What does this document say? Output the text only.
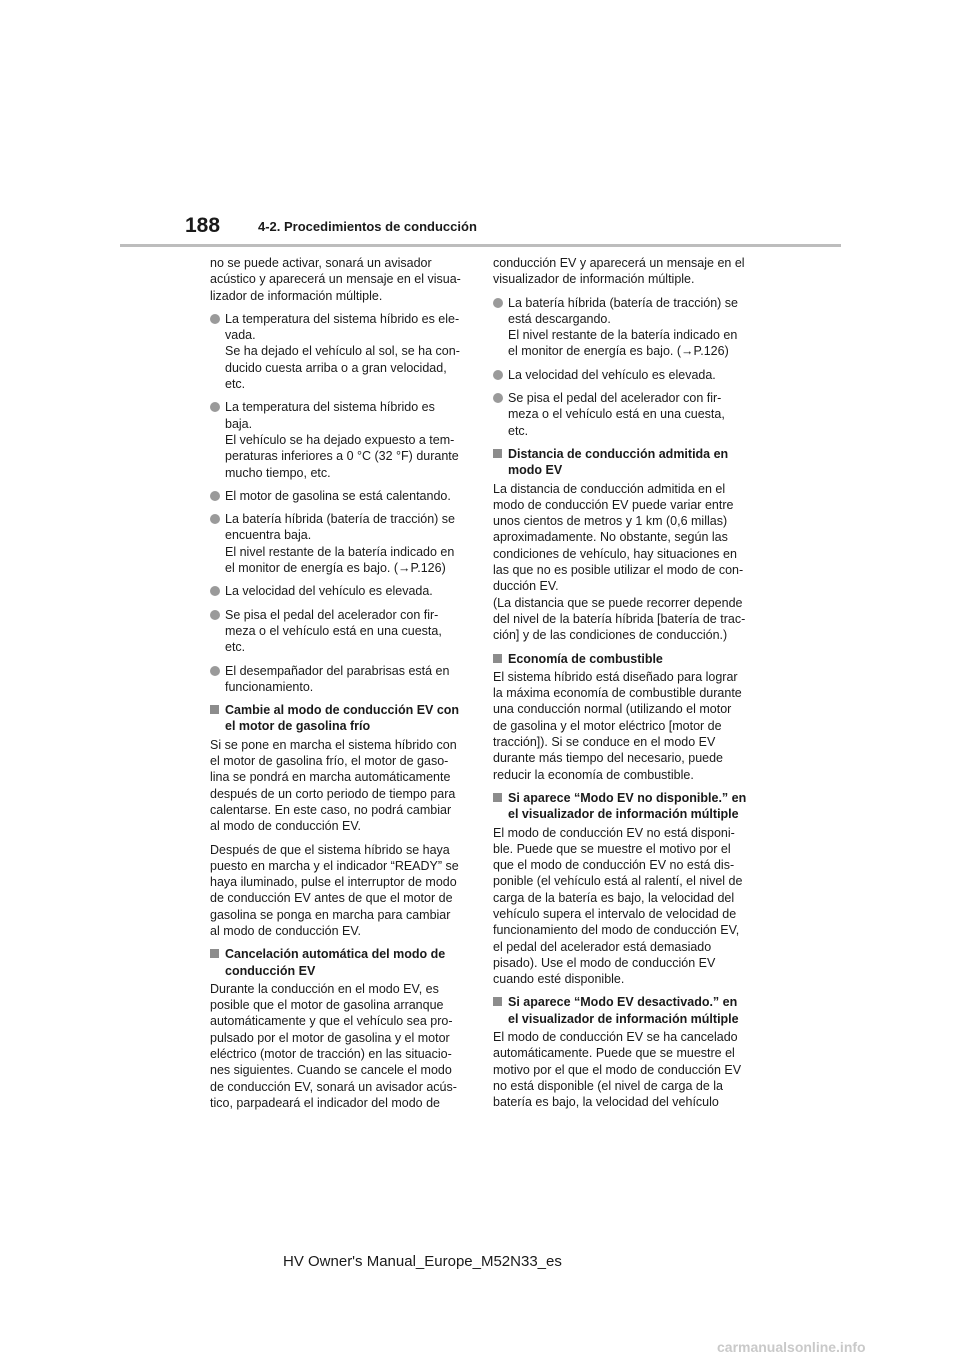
188	4-2. Procedimientos de conducción
no se puede activar, sonará un avisador
acústico y aparecerá un mensaje en el visua-
lizador de información múltiple.
La temperatura del sistema híbrido es ele-
vada.
Se ha dejado el vehículo al sol, se ha con-
ducido cuesta arriba o a gran velocidad,
etc.
La temperatura del sistema híbrido es
baja.
El vehículo se ha dejado expuesto a tem-
peraturas inferiores a 0 °C (32 °F) durante
mucho tiempo, etc.
El motor de gasolina se está calentando.
La batería híbrida (batería de tracción) se
encuentra baja.
El nivel restante de la batería indicado en
el monitor de energía es bajo. (→P.126)
La velocidad del vehículo es elevada.
Se pisa el pedal del acelerador con fir-
meza o el vehículo está en una cuesta,
etc.
El desempañador del parabrisas está en
funcionamiento.
Cambie al modo de conducción EV con
el motor de gasolina frío
Si se pone en marcha el sistema híbrido con
el motor de gasolina frío, el motor de gaso-
lina se pondrá en marcha automáticamente
después de un corto periodo de tiempo para
calentarse. En este caso, no podrá cambiar
al modo de conducción EV.
Después de que el sistema híbrido se haya
puesto en marcha y el indicador “READY” se
haya iluminado, pulse el interruptor de modo
de conducción EV antes de que el motor de
gasolina se ponga en marcha para cambiar
al modo de conducción EV.
Cancelación automática del modo de
conducción EV
Durante la conducción en el modo EV, es
posible que el motor de gasolina arranque
automáticamente y que el vehículo sea pro-
pulsado por el motor de gasolina y el motor
eléctrico (motor de tracción) en las situacio-
nes siguientes. Cuando se cancele el modo
de conducción EV, sonará un avisador acús-
tico, parpadeará el indicador del modo de
conducción EV y aparecerá un mensaje en el
visualizador de información múltiple.
La batería híbrida (batería de tracción) se
está descargando.
El nivel restante de la batería indicado en
el monitor de energía es bajo. (→P.126)
La velocidad del vehículo es elevada.
Se pisa el pedal del acelerador con fir-
meza o el vehículo está en una cuesta,
etc.
Distancia de conducción admitida en
modo EV
La distancia de conducción admitida en el
modo de conducción EV puede variar entre
unos cientos de metros y 1 km (0,6 millas)
aproximadamente. No obstante, según las
condiciones de vehículo, hay situaciones en
las que no es posible utilizar el modo de con-
ducción EV.
(La distancia que se puede recorrer depende
del nivel de la batería híbrida [batería de trac-
ción] y de las condiciones de conducción.)
Economía de combustible
El sistema híbrido está diseñado para lograr
la máxima economía de combustible durante
una conducción normal (utilizando el motor
de gasolina y el motor eléctrico [motor de
tracción]). Si se conduce en el modo EV
durante más tiempo del necesario, puede
reducir la economía de combustible.
Si aparece “Modo EV no disponible.” en
el visualizador de información múltiple
El modo de conducción EV no está disponi-
ble. Puede que se muestre el motivo por el
que el modo de conducción EV no está dis-
ponible (el vehículo está al ralentí, el nivel de
carga de la batería es bajo, la velocidad del
vehículo supera el intervalo de velocidad de
funcionamiento del modo de conducción EV,
el pedal del acelerador está demasiado
pisado). Use el modo de conducción EV
cuando esté disponible.
Si aparece “Modo EV desactivado.” en
el visualizador de información múltiple
El modo de conducción EV se ha cancelado
automáticamente. Puede que se muestre el
motivo por el que el modo de conducción EV
no está disponible (el nivel de carga de la
batería es bajo, la velocidad del vehículo
HV Owner's Manual_Europe_M52N33_es
carmanualsonline.info
